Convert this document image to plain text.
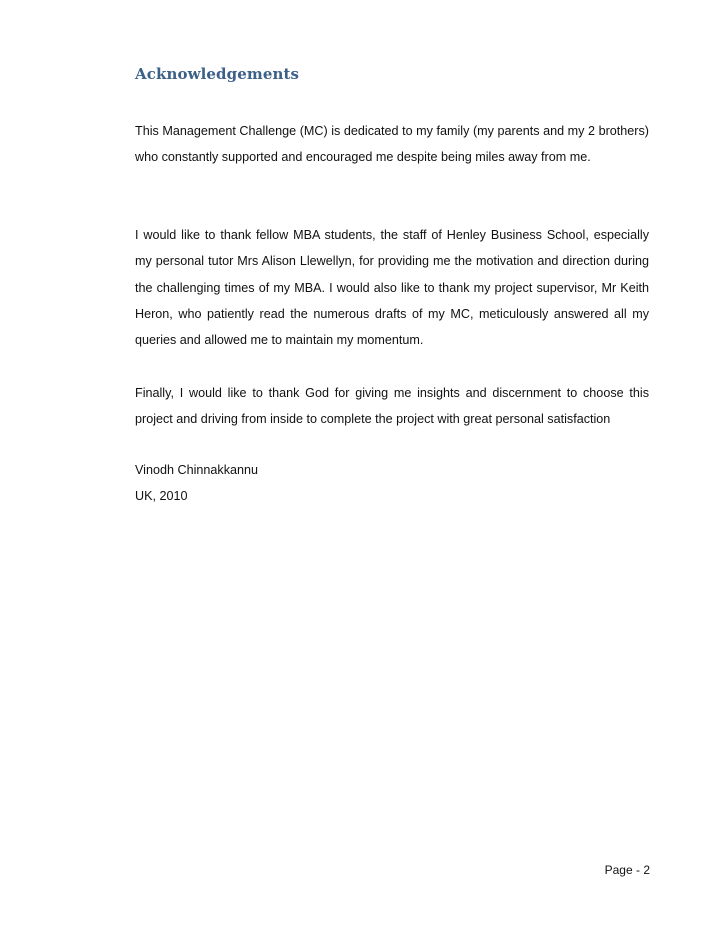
Acknowledgements

This Management Challenge (MC) is dedicated to my family (my parents and my 2 brothers) who constantly supported and encouraged me despite being miles away from me.

I would like to thank fellow MBA students, the staff of Henley Business School, especially my personal tutor Mrs Alison Llewellyn, for providing me the motivation and direction during the challenging times of my MBA. I would also like to thank my project supervisor, Mr Keith Heron, who patiently read the numerous drafts of my MC, meticulously answered all my queries and allowed me to maintain my momentum.

Finally, I would like to thank God for giving me insights and discernment to choose this project and driving from inside to complete the project with great personal satisfaction

Vinodh Chinnakkannu
UK, 2010
Page - 2
